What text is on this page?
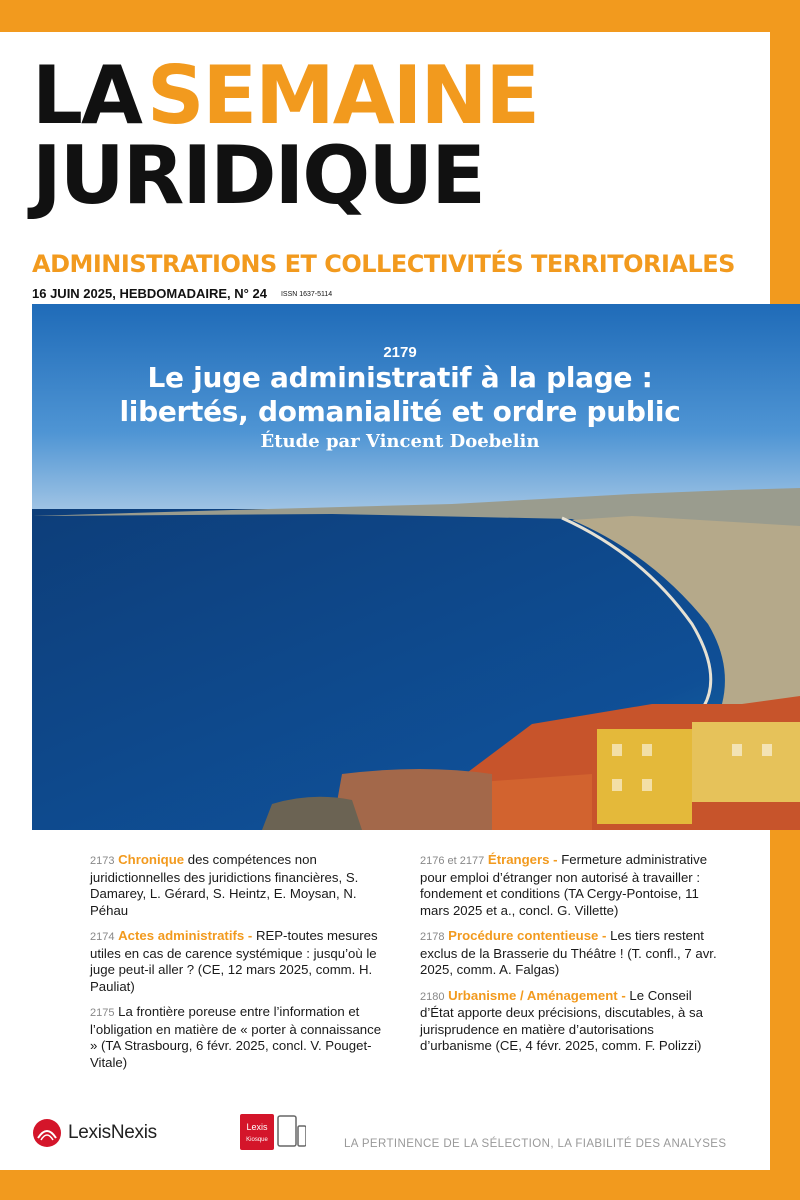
LASEMAINE
JURIDIQUE
ADMINISTRATIONS ET COLLECTIVITÉS TERRITORIALES
16 JUIN 2025, HEBDOMADAIRE, N° 24 ISSN 1637-5114
2179
Le juge administratif à la plage :
libertés, domanialité et ordre public
Étude par Vincent Doebelin
2173 Chronique des compétences non juridictionnelles des juridictions financières, S. Damarey, L. Gérard, S. Heintz, E. Moysan, N. Péhau
2174 Actes administratifs - REP-toutes mesures utiles en cas de carence systémique : jusqu’où le juge peut-il aller ? (CE, 12 mars 2025, comm. H. Pauliat)
2175 La frontière poreuse entre l’information et l’obligation en matière de « porter à connaissance » (TA Strasbourg, 6 févr. 2025, concl. V. Pouget-Vitale)
2176 et 2177 Étrangers - Fermeture administrative pour emploi d’étranger non autorisé à travailler : fondement et conditions (TA Cergy-Pontoise, 11 mars 2025 et a., concl. G. Villette)
2178 Procédure contentieuse - Les tiers restent exclus de la Brasserie du Théâtre ! (T. confl., 7 avr. 2025, comm. A. Falgas)
2180 Urbanisme / Aménagement - Le Conseil d’État apporte deux précisions, discutables, à sa jurisprudence en matière d’autorisations d’urbanisme (CE, 4 févr. 2025, comm. F. Polizzi)
LexisNexis	Lexis
Kiosque	LA PERTINENCE DE LA SÉLECTION, LA FIABILITÉ DES ANALYSES
